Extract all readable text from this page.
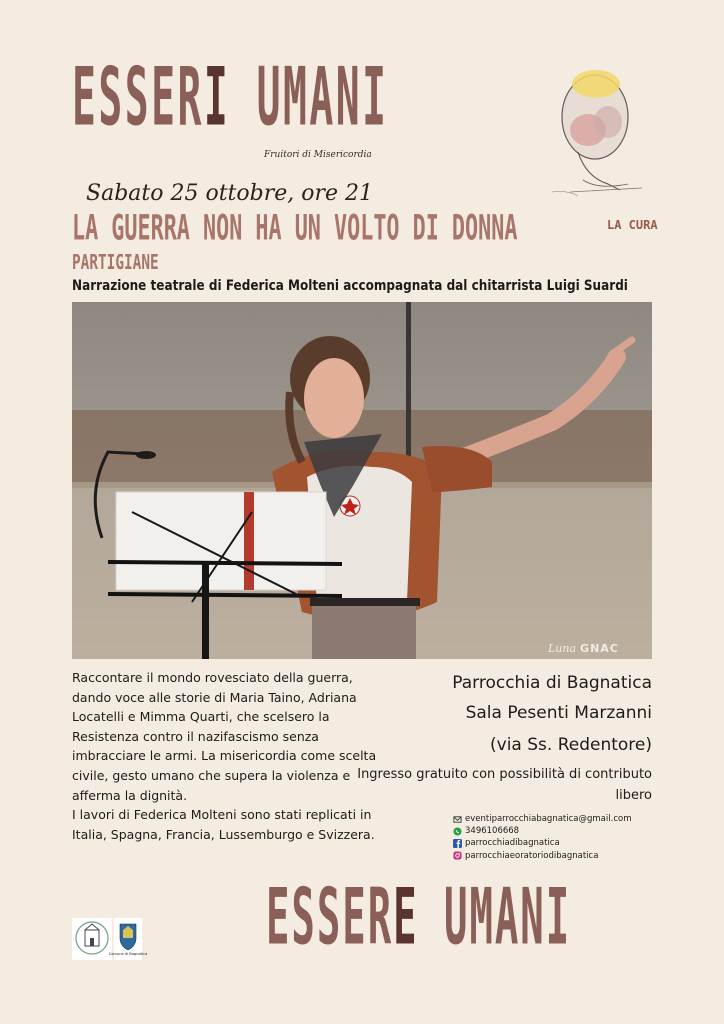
ESSERI UMANI
Fruitori di Misericordia
LA CURA
Sabato 25 ottobre, ore 21
LA GUERRA NON HA UN VOLTO DI DONNA
PARTIGIANE
Narrazione teatrale di Federica Molteni accompagnata dal chitarrista Luigi Suardi
Luna GNAC

Raccontare il mondo rovesciato della guerra, dando voce alle storie di Maria Taino, Adriana Locatelli e Mimma Quarti, che scelsero la Resistenza contro il nazifascismo senza imbracciare le armi. La misericordia come scelta civile, gesto umano che supera la violenza e afferma la dignità.

I lavori di Federica Molteni sono stati replicati in Italia, Spagna, Francia, Lussemburgo e Svizzera.

Parrocchia di Bagnatica
Sala Pesenti Marzanni
(via Ss. Redentore)
Ingresso gratuito con possibilità di contributo libero
eventiparrocchiabagnatica@gmail.com
3496106668
parrocchiadibagnatica
parrocchiaeoratoriodibagnatica
ESSERE UMANI
Comune di Bagnatica
